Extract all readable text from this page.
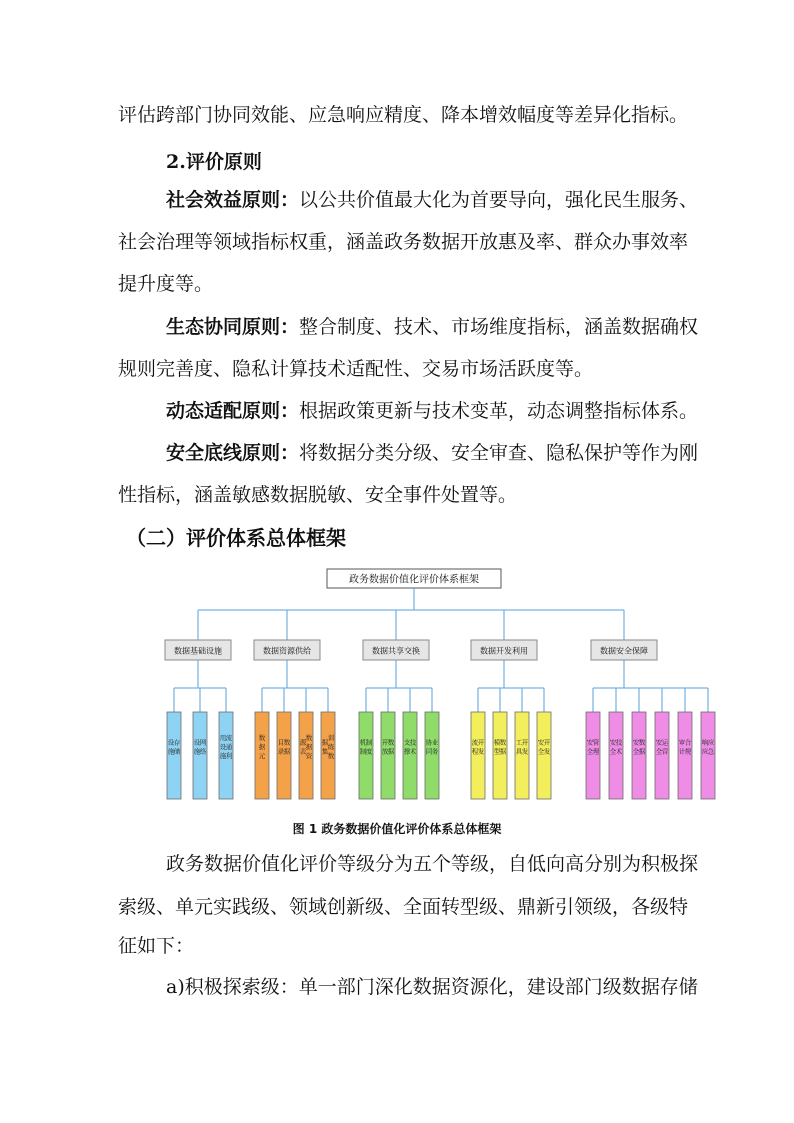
评估跨部门协同效能、应急响应精度、降本增效幅度等差异化指标。
2.评价原则
社会效益原则：以公共价值最大化为首要导向，强化民生服务、
社会治理等领域指标权重，涵盖政务数据开放惠及率、群众办事效率
提升度等。
生态协同原则：整合制度、技术、市场维度指标，涵盖数据确权
规则完善度、隐私计算技术适配性、交易市场活跃度等。
动态适配原则：根据政策更新与技术变革，动态调整指标体系。
安全底线原则：将数据分类分级、安全审查、隐私保护等作为刚
性指标，涵盖敏感数据脱敏、安全事件处置等。
（二）评价体系总体框架
政务数据价值化评价体系框架
数据基础设施
存
储
设
施
网
络
设
施
流
通
利
用
设
施
数据资源供给
数
据
元
数
据
目
录
数
据
资
源
表
训
练
数
据
集
数据共享交换
制
度
机
制
数
据
开
放
技
术
支
撑
业
务
协
同
数据开发利用
开
发
流
程
数
据
模
型
开
发
工
具
开
发
安
全
数据安全保障
管
理
安
全
技
术
安
全
数
据
安
全
运
营
安
全
合
规
审
计
应
急
响
应
图 1 政务数据价值化评价体系总体框架
政务数据价值化评价等级分为五个等级，自低向高分别为积极探
索级、单元实践级、领域创新级、全面转型级、鼎新引领级，各级特
征如下：
a)积极探索级：单一部门深化数据资源化，建设部门级数据存储
